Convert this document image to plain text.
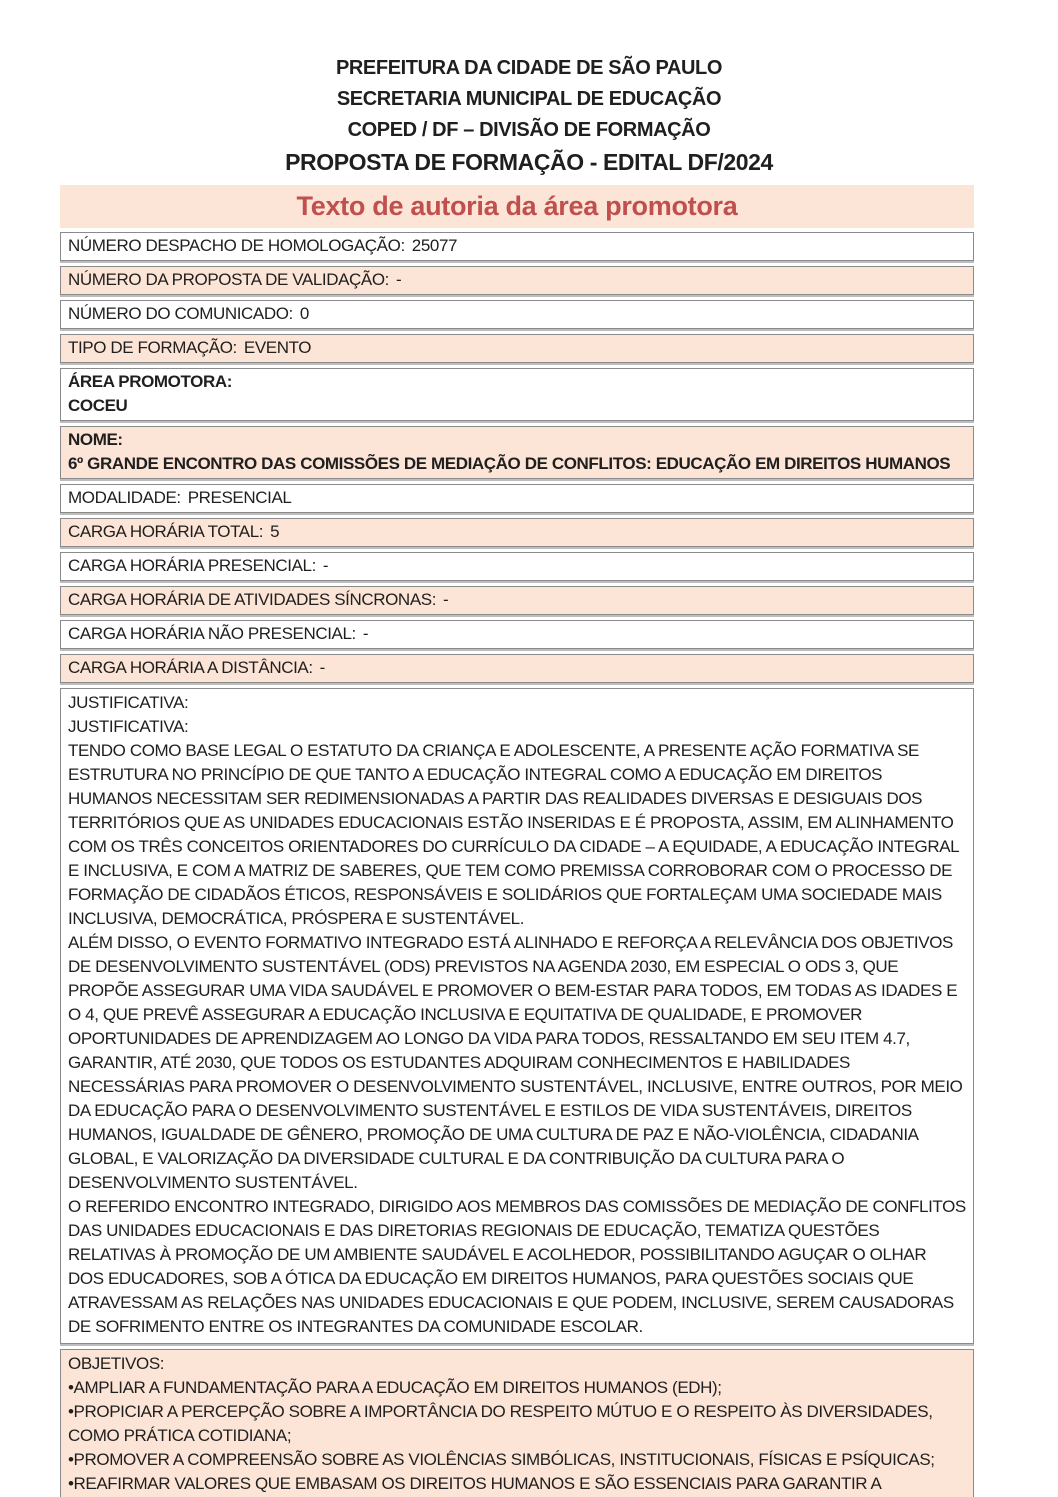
PREFEITURA DA CIDADE DE SÃO PAULO
SECRETARIA MUNICIPAL DE EDUCAÇÃO
COPED / DF – DIVISÃO DE FORMAÇÃO
PROPOSTA DE FORMAÇÃO - EDITAL DF/2024
Texto de autoria da área promotora
NÚMERO DESPACHO DE HOMOLOGAÇÃO: 25077
NÚMERO DA PROPOSTA DE VALIDAÇÃO: -
NÚMERO DO COMUNICADO: 0
TIPO DE FORMAÇÃO: EVENTO
ÁREA PROMOTORA:
COCEU
NOME:
6º GRANDE ENCONTRO DAS COMISSÕES DE MEDIAÇÃO DE CONFLITOS: EDUCAÇÃO EM DIREITOS HUMANOS
MODALIDADE: PRESENCIAL
CARGA HORÁRIA TOTAL: 5
CARGA HORÁRIA PRESENCIAL: -
CARGA HORÁRIA DE ATIVIDADES SÍNCRONAS: -
CARGA HORÁRIA NÃO PRESENCIAL: -
CARGA HORÁRIA A DISTÂNCIA: -
JUSTIFICATIVA:
JUSTIFICATIVA:
TENDO COMO BASE LEGAL O ESTATUTO DA CRIANÇA E ADOLESCENTE, A PRESENTE AÇÃO FORMATIVA SE ESTRUTURA NO PRINCÍPIO DE QUE TANTO A EDUCAÇÃO INTEGRAL COMO A EDUCAÇÃO EM DIREITOS HUMANOS NECESSITAM SER REDIMENSIONADAS A PARTIR DAS REALIDADES DIVERSAS E DESIGUAIS DOS TERRITÓRIOS QUE AS UNIDADES EDUCACIONAIS ESTÃO INSERIDAS E É PROPOSTA, ASSIM, EM ALINHAMENTO COM OS TRÊS CONCEITOS ORIENTADORES DO CURRÍCULO DA CIDADE – A EQUIDADE, A EDUCAÇÃO INTEGRAL E INCLUSIVA, E COM A MATRIZ DE SABERES, QUE TEM COMO PREMISSA CORROBORAR COM O PROCESSO DE FORMAÇÃO DE CIDADÃOS ÉTICOS, RESPONSÁVEIS E SOLIDÁRIOS QUE FORTALEÇAM UMA SOCIEDADE MAIS INCLUSIVA, DEMOCRÁTICA, PRÓSPERA E SUSTENTÁVEL.
ALÉM DISSO, O EVENTO FORMATIVO INTEGRADO ESTÁ ALINHADO E REFORÇA A RELEVÂNCIA DOS OBJETIVOS DE DESENVOLVIMENTO SUSTENTÁVEL (ODS) PREVISTOS NA AGENDA 2030, EM ESPECIAL O ODS 3, QUE PROPÕE ASSEGURAR UMA VIDA SAUDÁVEL E PROMOVER O BEM-ESTAR PARA TODOS, EM TODAS AS IDADES E O 4, QUE PREVÊ ASSEGURAR A EDUCAÇÃO INCLUSIVA E EQUITATIVA DE QUALIDADE, E PROMOVER OPORTUNIDADES DE APRENDIZAGEM AO LONGO DA VIDA PARA TODOS, RESSALTANDO EM SEU ITEM 4.7, GARANTIR, ATÉ 2030, QUE TODOS OS ESTUDANTES ADQUIRAM CONHECIMENTOS E HABILIDADES NECESSÁRIAS PARA PROMOVER O DESENVOLVIMENTO SUSTENTÁVEL, INCLUSIVE, ENTRE OUTROS, POR MEIO DA EDUCAÇÃO PARA O DESENVOLVIMENTO SUSTENTÁVEL E ESTILOS DE VIDA SUSTENTÁVEIS, DIREITOS HUMANOS, IGUALDADE DE GÊNERO, PROMOÇÃO DE UMA CULTURA DE PAZ E NÃO-VIOLÊNCIA, CIDADANIA GLOBAL, E VALORIZAÇÃO DA DIVERSIDADE CULTURAL E DA CONTRIBUIÇÃO DA CULTURA PARA O DESENVOLVIMENTO SUSTENTÁVEL.
O REFERIDO ENCONTRO INTEGRADO, DIRIGIDO AOS MEMBROS DAS COMISSÕES DE MEDIAÇÃO DE CONFLITOS DAS UNIDADES EDUCACIONAIS E DAS DIRETORIAS REGIONAIS DE EDUCAÇÃO, TEMATIZA QUESTÕES RELATIVAS À PROMOÇÃO DE UM AMBIENTE SAUDÁVEL E ACOLHEDOR, POSSIBILITANDO AGUÇAR O OLHAR DOS EDUCADORES, SOB A ÓTICA DA EDUCAÇÃO EM DIREITOS HUMANOS, PARA QUESTÕES SOCIAIS QUE ATRAVESSAM AS RELAÇÕES NAS UNIDADES EDUCACIONAIS E QUE PODEM, INCLUSIVE, SEREM CAUSADORAS DE SOFRIMENTO ENTRE OS INTEGRANTES DA COMUNIDADE ESCOLAR.
OBJETIVOS:
•AMPLIAR A FUNDAMENTAÇÃO PARA A EDUCAÇÃO EM DIREITOS HUMANOS (EDH);
•PROPICIAR A PERCEPÇÃO SOBRE A IMPORTÂNCIA DO RESPEITO MÚTUO E O RESPEITO ÀS DIVERSIDADES, COMO PRÁTICA COTIDIANA;
•PROMOVER A COMPREENSÃO SOBRE AS VIOLÊNCIAS SIMBÓLICAS, INSTITUCIONAIS, FÍSICAS E PSÍQUICAS;
•REAFIRMAR VALORES QUE EMBASAM OS DIREITOS HUMANOS E SÃO ESSENCIAIS PARA GARANTIR A
